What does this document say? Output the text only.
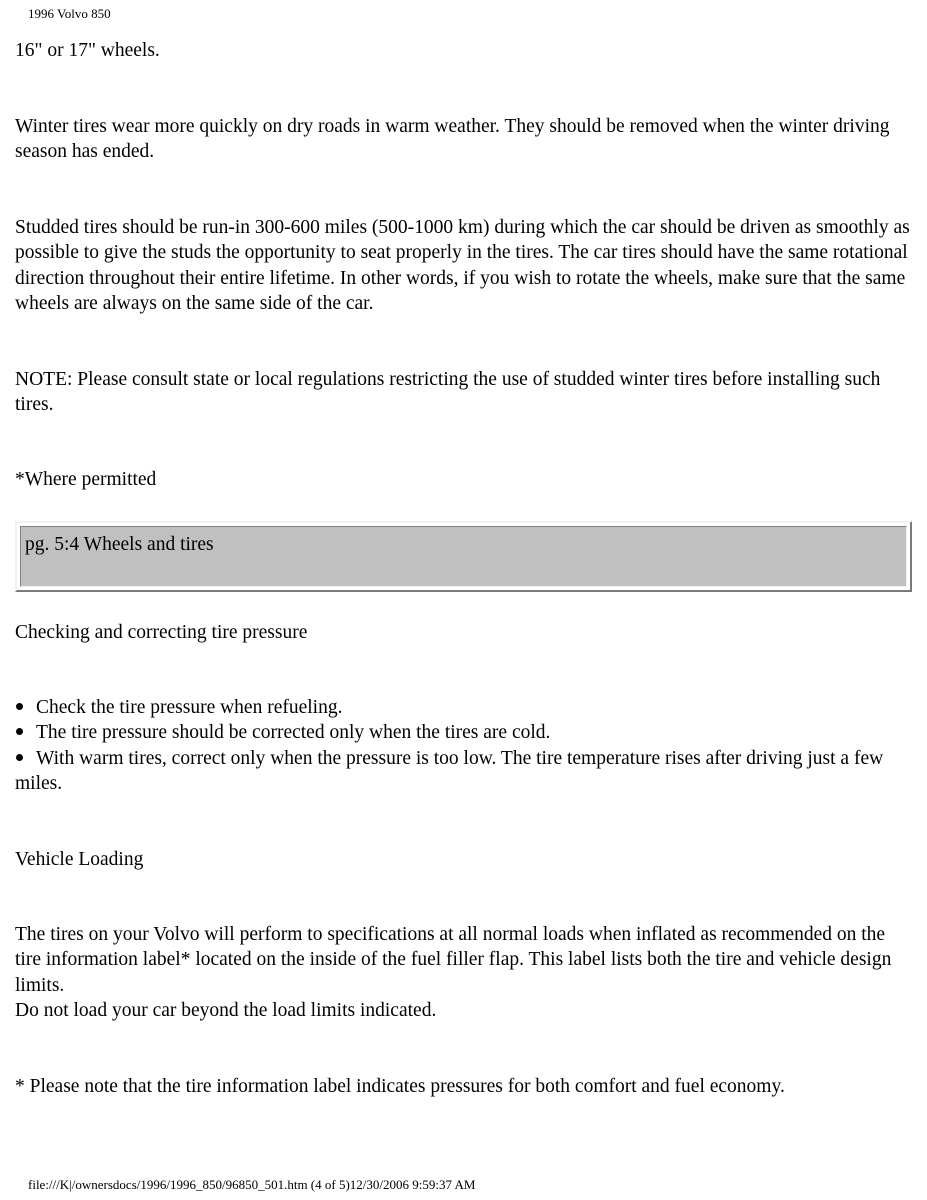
1996 Volvo 850

16" or 17" wheels.

Winter tires wear more quickly on dry roads in warm weather. They should be removed when the winter driving season has ended.

Studded tires should be run-in 300-600 miles (500-1000 km) during which the car should be driven as smoothly as possible to give the studs the opportunity to seat properly in the tires. The car tires should have the same rotational direction throughout their entire lifetime. In other words, if you wish to rotate the wheels, make sure that the same wheels are always on the same side of the car.

NOTE: Please consult state or local regulations restricting the use of studded winter tires before installing such tires.

*Where permitted

pg. 5:4 Wheels and tires

Checking and correcting tire pressure

Check the tire pressure when refueling.

The tire pressure should be corrected only when the tires are cold.

With warm tires, correct only when the pressure is too low. The tire temperature rises after driving just a few miles.

Vehicle Loading

The tires on your Volvo will perform to specifications at all normal loads when inflated as recommended on the tire information label* located on the inside of the fuel filler flap. This label lists both the tire and vehicle design limits.

Do not load your car beyond the load limits indicated.

* Please note that the tire information label indicates pressures for both comfort and fuel economy.

file:///K|/ownersdocs/1996/1996_850/96850_501.htm (4 of 5)12/30/2006 9:59:37 AM
